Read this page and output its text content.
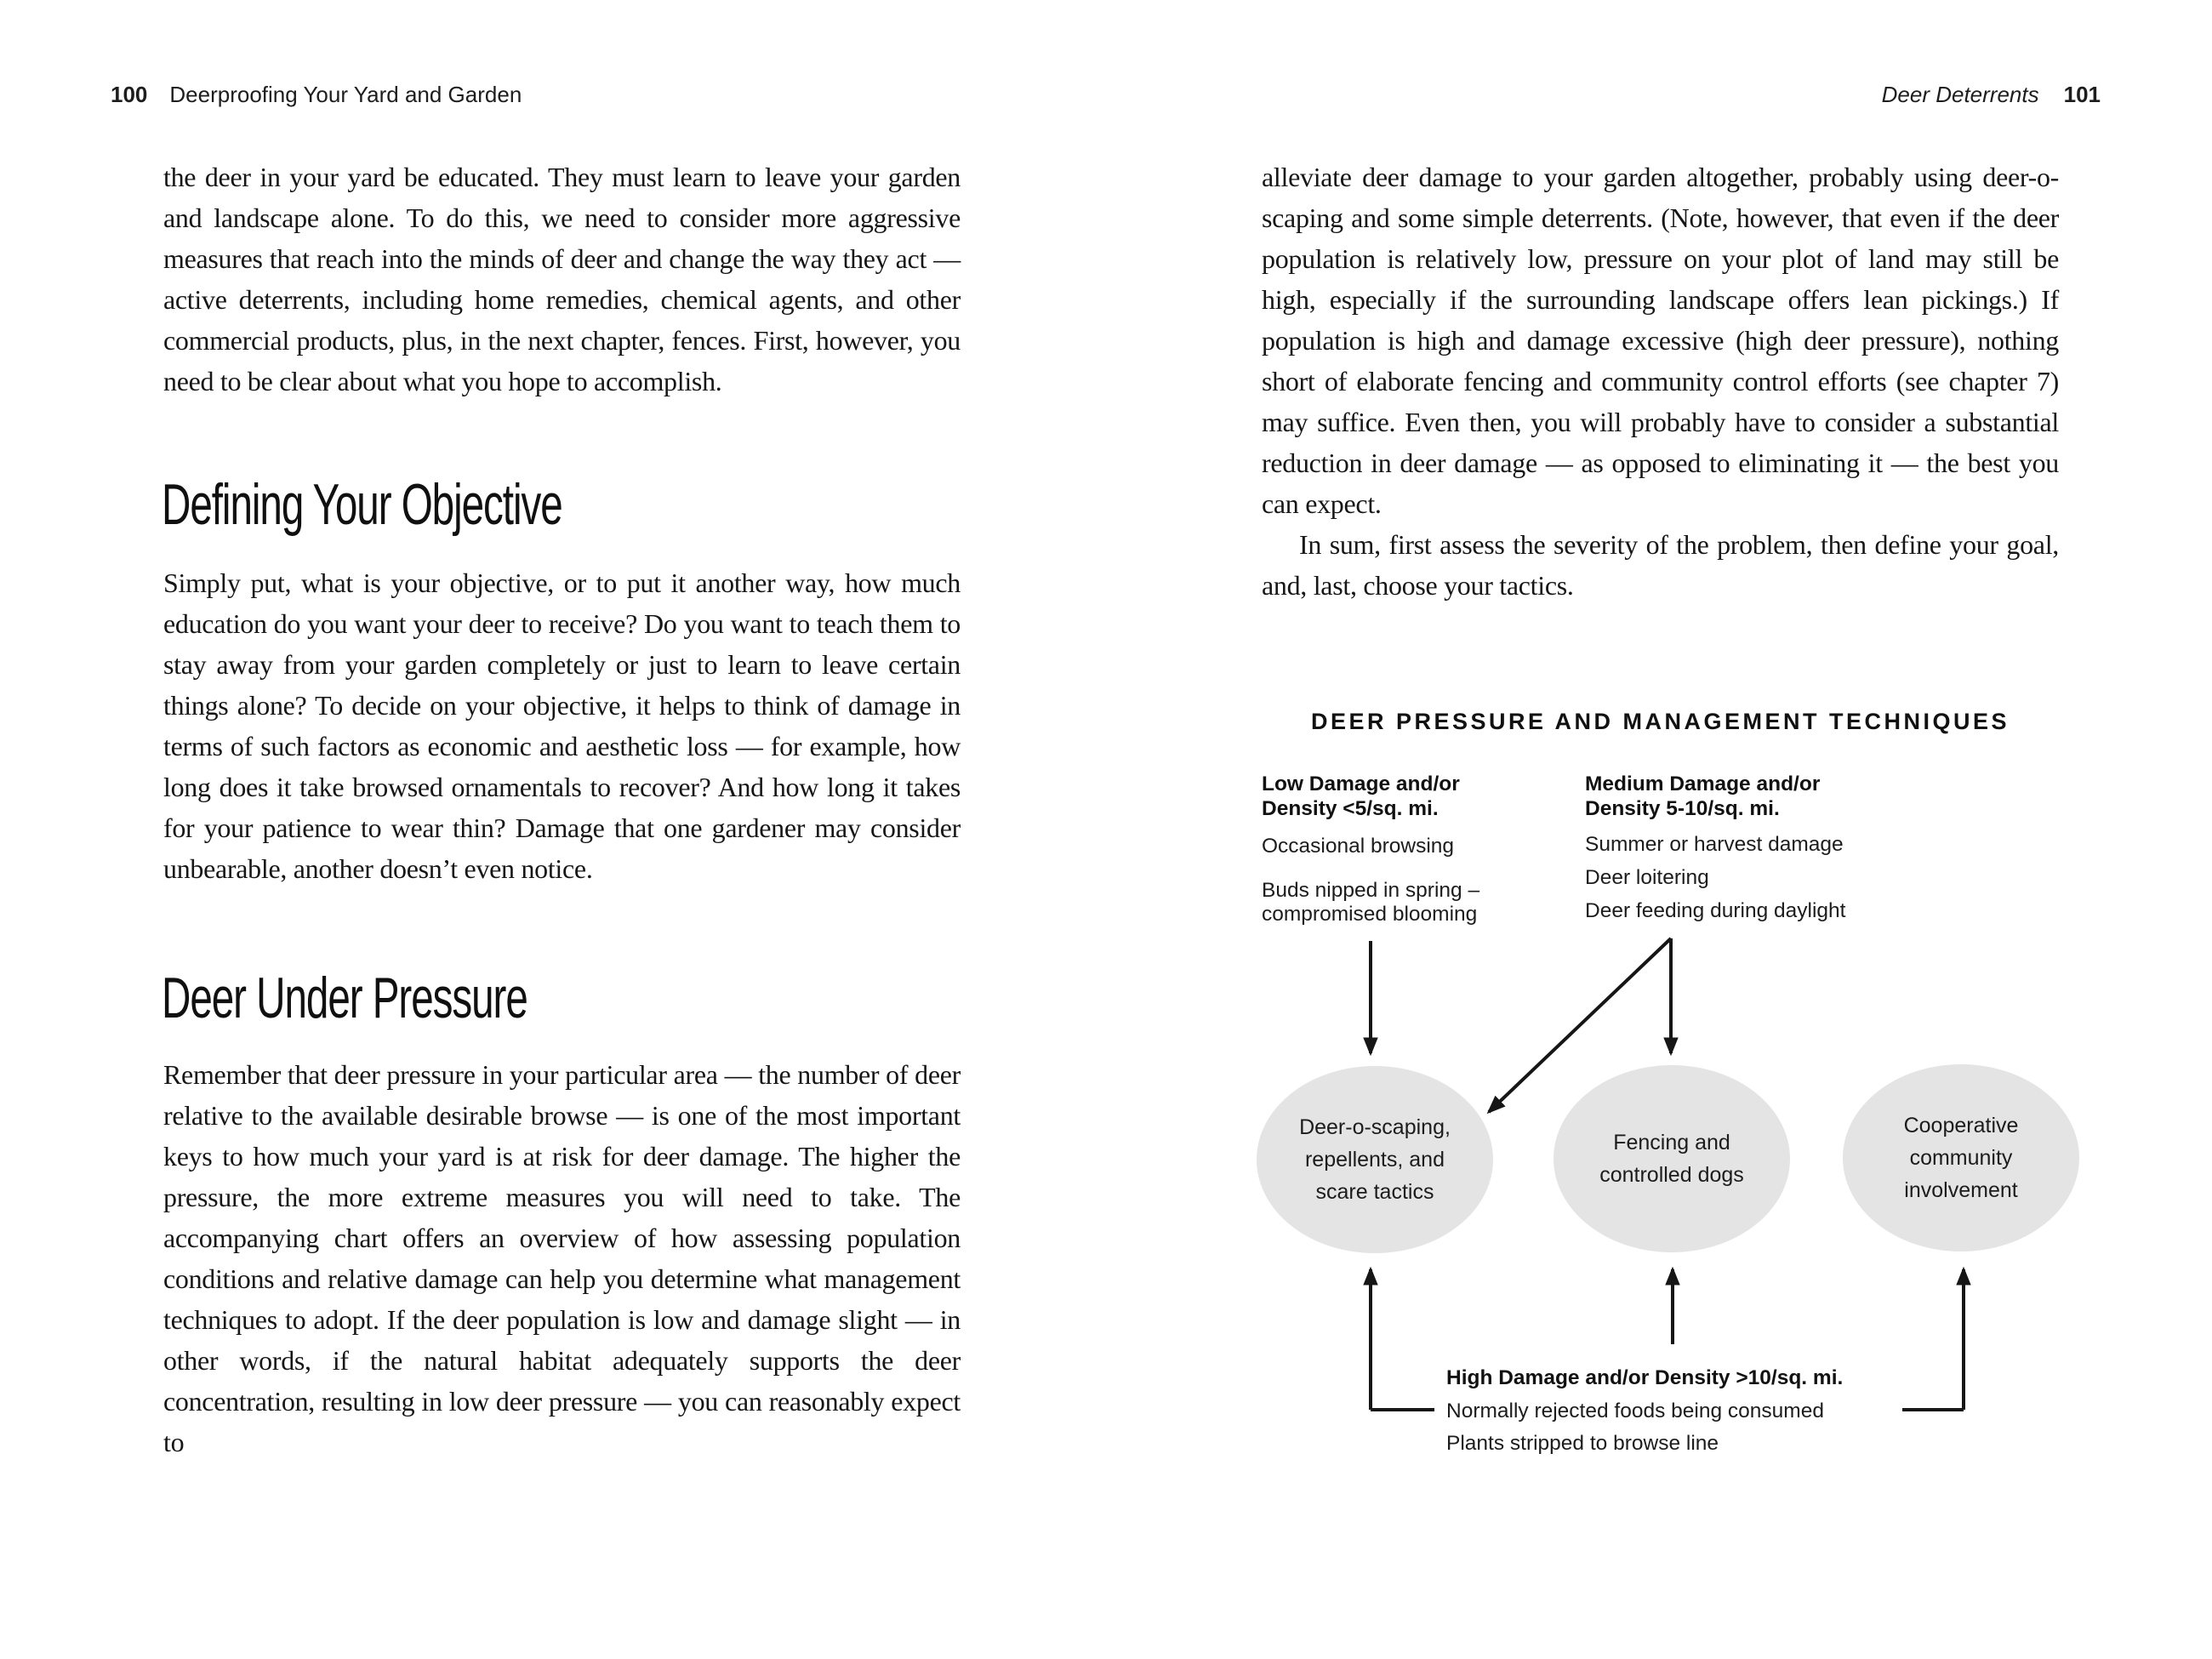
100 Deerproofing Your Yard and Garden	Deer Deterrents 101

the deer in your yard be educated. They must learn to leave your garden and landscape alone. To do this, we need to consider more aggressive measures that reach into the minds of deer and change the way they act — active deterrents, including home remedies, chemical agents, and other commercial products, plus, in the next chapter, fences. First, however, you need to be clear about what you hope to accomplish.

Defining Your Objective

Simply put, what is your objective, or to put it another way, how much education do you want your deer to receive? Do you want to teach them to stay away from your garden completely or just to learn to leave certain things alone? To decide on your objective, it helps to think of damage in terms of such factors as economic and aesthetic loss — for example, how long does it take browsed ornamentals to recover? And how long it takes for your patience to wear thin? Damage that one gardener may consider unbearable, another doesn’t even notice.

Deer Under Pressure

Remember that deer pressure in your particular area — the number of deer relative to the available desirable browse — is one of the most important keys to how much your yard is at risk for deer damage. The higher the pressure, the more extreme measures you will need to take. The accompanying chart offers an overview of how assessing population conditions and relative damage can help you determine what management techniques to adopt. If the deer population is low and damage slight — in other words, if the natural habitat adequately supports the deer concentration, resulting in low deer pressure — you can reasonably expect to

alleviate deer damage to your garden altogether, probably using deer-o-scaping and some simple deterrents. (Note, however, that even if the deer population is relatively low, pressure on your plot of land may still be high, especially if the surrounding landscape offers lean pickings.) If population is high and damage excessive (high deer pressure), nothing short of elaborate fencing and community control efforts (see chapter 7) may suffice. Even then, you will probably have to consider a substantial reduction in deer damage — as opposed to eliminating it — the best you can expect.

In sum, first assess the severity of the problem, then define your goal, and, last, choose your tactics.

DEER PRESSURE AND MANAGEMENT TECHNIQUES
Low Damage and/or
Density <5/sq. mi.
Medium Damage and/or
Density 5-10/sq. mi.
Occasional browsing
Buds nipped in spring –
compromised blooming
Summer or harvest damage
Deer loitering
Deer feeding during daylight
Deer-o-scaping,
repellents, and
scare tactics
Fencing and
controlled dogs
Cooperative
community
involvement
High Damage and/or Density >10/sq. mi.
Normally rejected foods being consumed
Plants stripped to browse line
